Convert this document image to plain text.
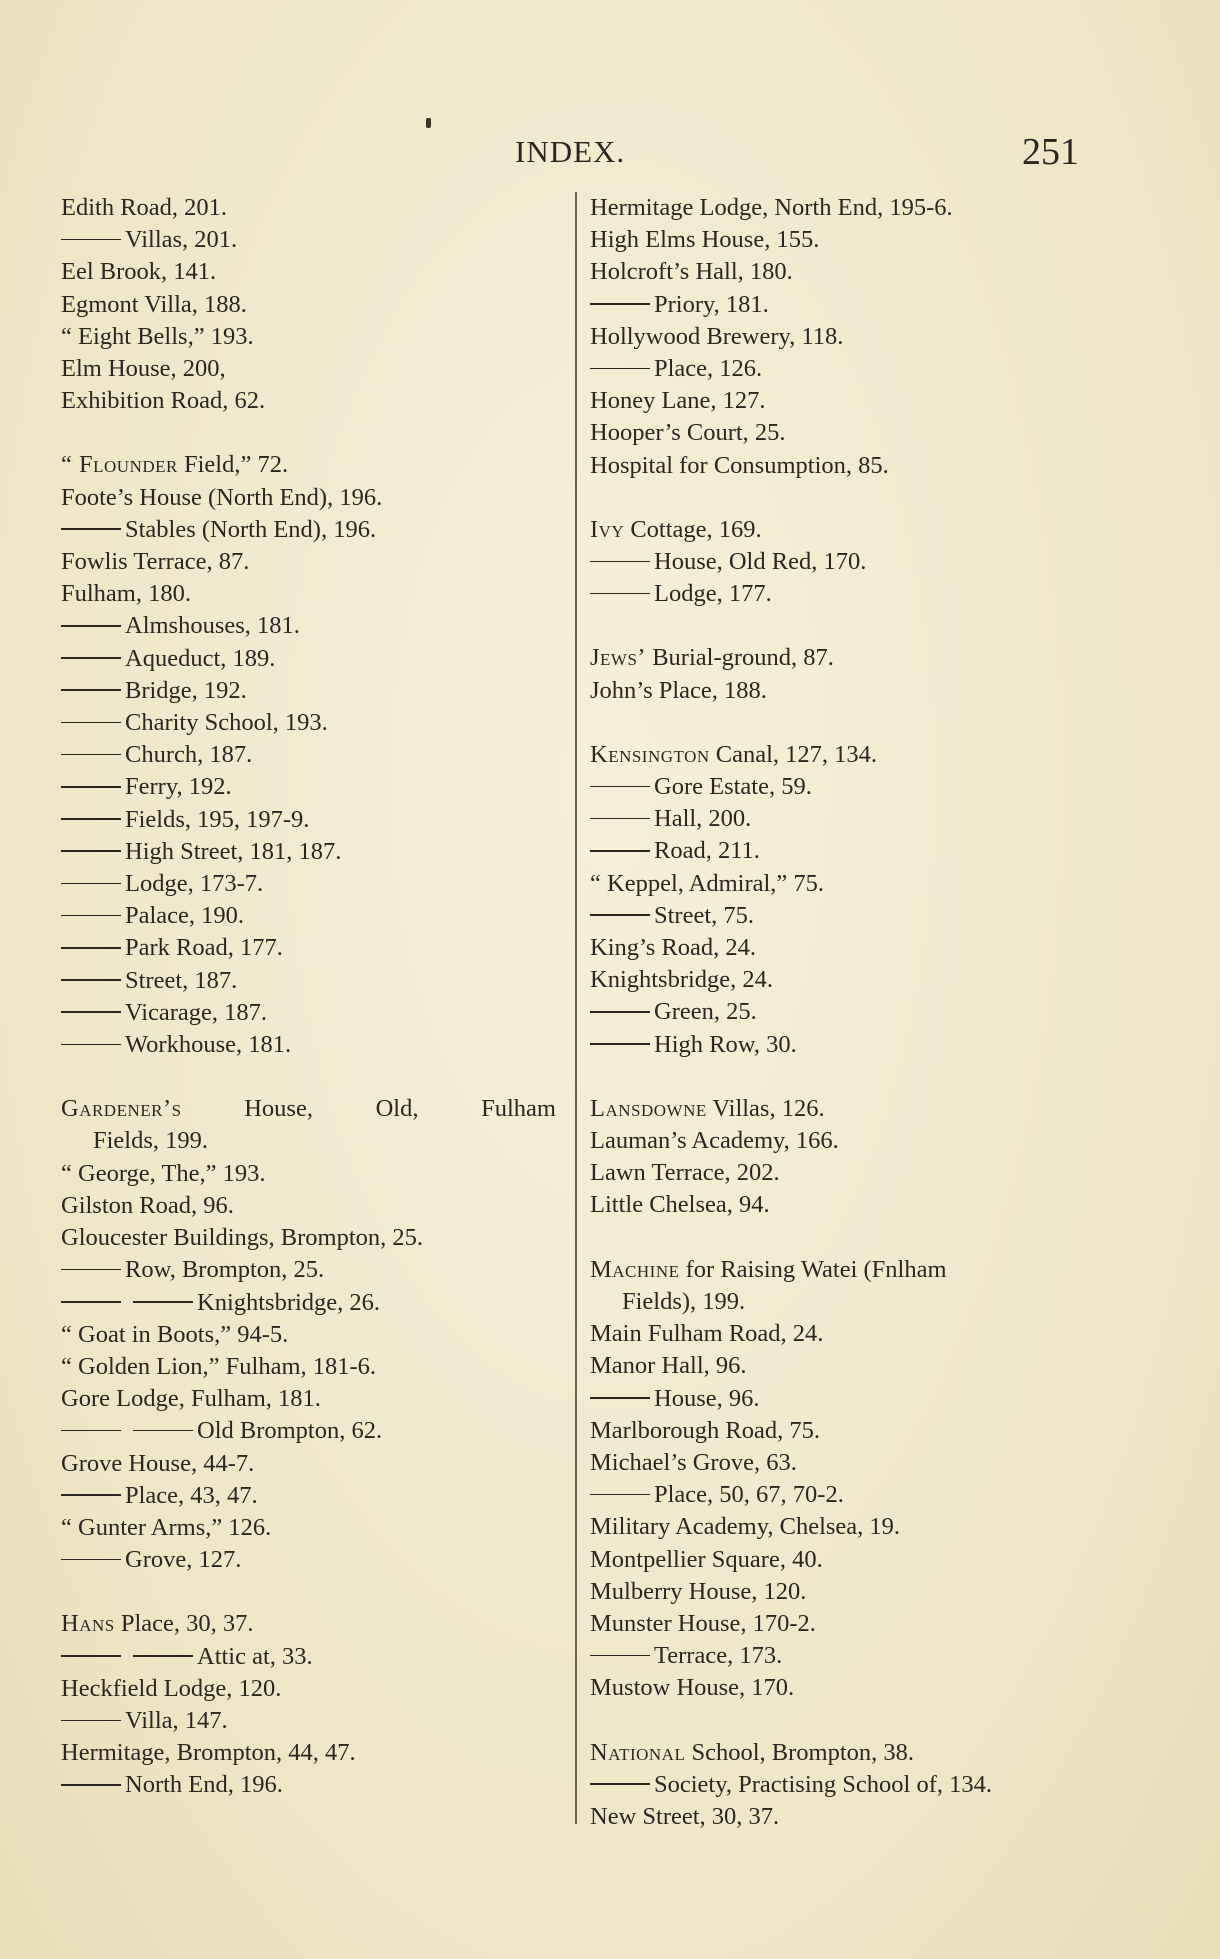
INDEX.	251
Edith Road, 201.
Villas, 201.
Eel Brook, 141.
Egmont Villa, 188.
“ Eight Bells,” 193.
Elm House, 200,
Exhibition Road, 62.
“ Flounder Field,” 72.
Foote’s House (North End), 196.
Stables (North End), 196.
Fowlis Terrace, 87.
Fulham, 180.
Almshouses, 181.
Aqueduct, 189.
Bridge, 192.
Charity School, 193.
Church, 187.
Ferry, 192.
Fields, 195, 197-9.
High Street, 181, 187.
Lodge, 173-7.
Palace, 190.
Park Road, 177.
Street, 187.
Vicarage, 187.
Workhouse, 181.
Gardener’s	House,	Old,	Fulham
Fields, 199.
“ George, The,” 193.
Gilston Road, 96.
Gloucester Buildings, Brompton, 25.
Row, Brompton, 25.
Knightsbridge, 26.
“ Goat in Boots,” 94-5.
“ Golden Lion,” Fulham, 181-6.
Gore Lodge, Fulham, 181.
Old Brompton, 62.
Grove House, 44-7.
Place, 43, 47.
“ Gunter Arms,” 126.
Grove, 127.
Hans Place, 30, 37.
Attic at, 33.
Heckfield Lodge, 120.
Villa, 147.
Hermitage, Brompton, 44, 47.
North End, 196.
Hermitage Lodge, North End, 195-6.
High Elms House, 155.
Holcroft’s Hall, 180.
Priory, 181.
Hollywood Brewery, 118.
Place, 126.
Honey Lane, 127.
Hooper’s Court, 25.
Hospital for Consumption, 85.
Ivy Cottage, 169.
House, Old Red, 170.
Lodge, 177.
Jews’ Burial-ground, 87.
John’s Place, 188.
Kensington Canal, 127, 134.
Gore Estate, 59.
Hall, 200.
Road, 211.
“ Keppel, Admiral,” 75.
Street, 75.
King’s Road, 24.
Knightsbridge, 24.
Green, 25.
High Row, 30.
Lansdowne Villas, 126.
Lauman’s Academy, 166.
Lawn Terrace, 202.
Little Chelsea, 94.
Machine for Raising Watei (Fnlham
Fields), 199.
Main Fulham Road, 24.
Manor Hall, 96.
House, 96.
Marlborough Road, 75.
Michael’s Grove, 63.
Place, 50, 67, 70-2.
Military Academy, Chelsea, 19.
Montpellier Square, 40.
Mulberry House, 120.
Munster House, 170-2.
Terrace, 173.
Mustow House, 170.
National School, Brompton, 38.
Society, Practising School of, 134.
New Street, 30, 37.
